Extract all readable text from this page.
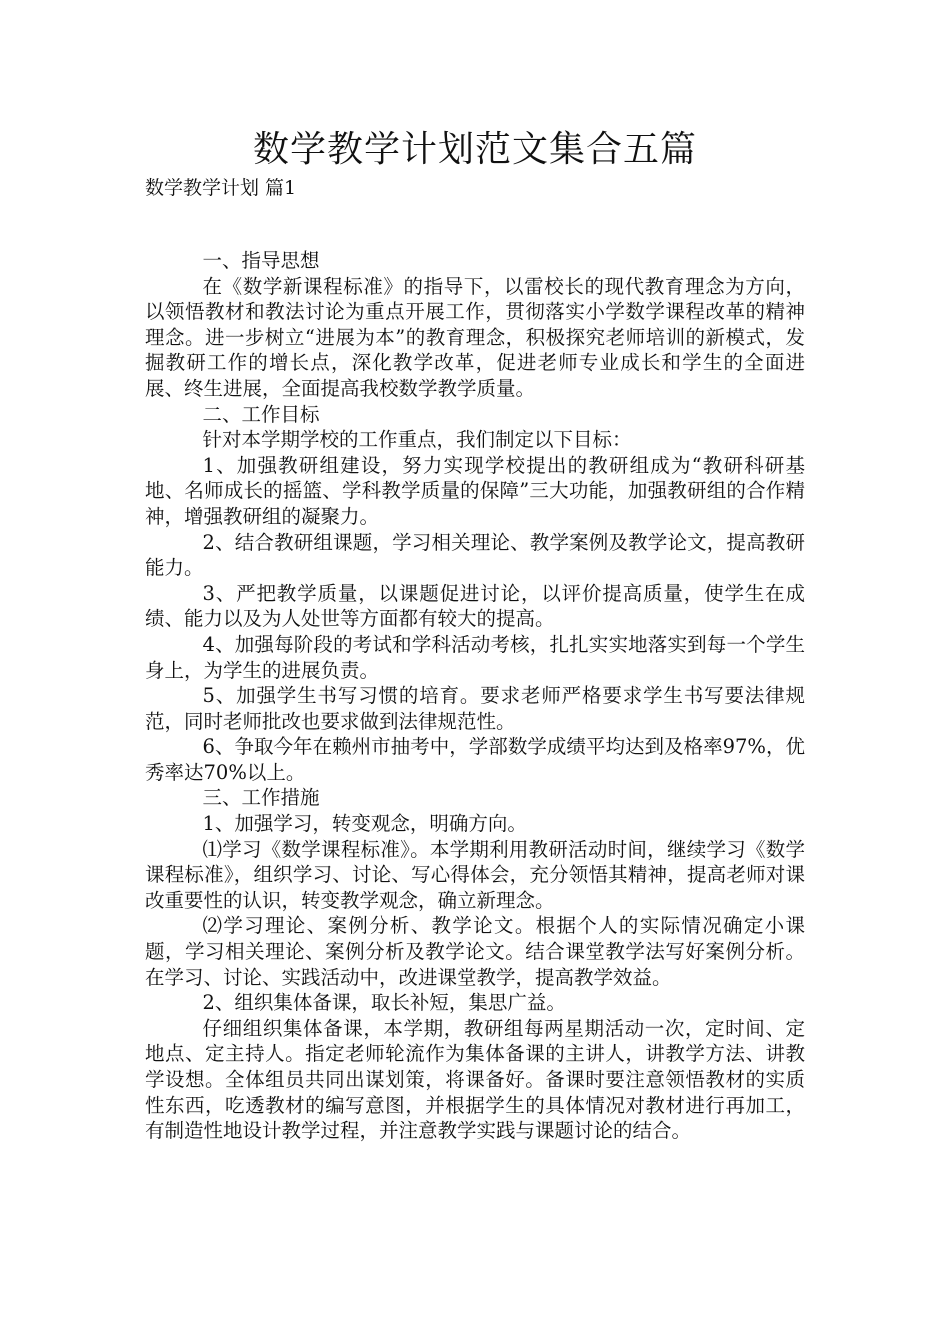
数学教学计划范文集合五篇
数学教学计划 篇1

一、指导思想

在《数学新课程标准》的指导下，以雷校长的现代教育理念为方向，以领悟教材和教法讨论为重点开展工作，贯彻落实小学数学课程改革的精神理念。进一步树立“进展为本”的教育理念，积极探究老师培训的新模式，发掘教研工作的增长点，深化教学改革，促进老师专业成长和学生的全面进展、终生进展，全面提高我校数学教学质量。

二、工作目标

针对本学期学校的工作重点，我们制定以下目标：

1、加强教研组建设，努力实现学校提出的教研组成为“教研科研基地、名师成长的摇篮、学科教学质量的保障”三大功能，加强教研组的合作精神，增强教研组的凝聚力。

2、结合教研组课题，学习相关理论、教学案例及教学论文，提高教研能力。

3、严把教学质量，以课题促进讨论，以评价提高质量，使学生在成绩、能力以及为人处世等方面都有较大的提高。

4、加强每阶段的考试和学科活动考核，扎扎实实地落实到每一个学生身上，为学生的进展负责。

5、加强学生书写习惯的培育。要求老师严格要求学生书写要法律规范，同时老师批改也要求做到法律规范性。

6、争取今年在赖州市抽考中，学部数学成绩平均达到及格率97%，优秀率达70%以上。

三、工作措施

1、加强学习，转变观念，明确方向。

⑴学习《数学课程标准》。本学期利用教研活动时间，继续学习《数学课程标准》，组织学习、讨论、写心得体会，充分领悟其精神，提高老师对课改重要性的认识，转变教学观念，确立新理念。

⑵学习理论、案例分析、教学论文。根据个人的实际情况确定小课题，学习相关理论、案例分析及教学论文。结合课堂教学法写好案例分析。在学习、讨论、实践活动中，改进课堂教学，提高教学效益。

2、组织集体备课，取长补短，集思广益。

仔细组织集体备课，本学期，教研组每两星期活动一次，定时间、定地点、定主持人。指定老师轮流作为集体备课的主讲人，讲教学方法、讲教学设想。全体组员共同出谋划策，将课备好。备课时要注意领悟教材的实质性东西，吃透教材的编写意图，并根据学生的具体情况对教材进行再加工，有制造性地设计教学过程，并注意教学实践与课题讨论的结合。
